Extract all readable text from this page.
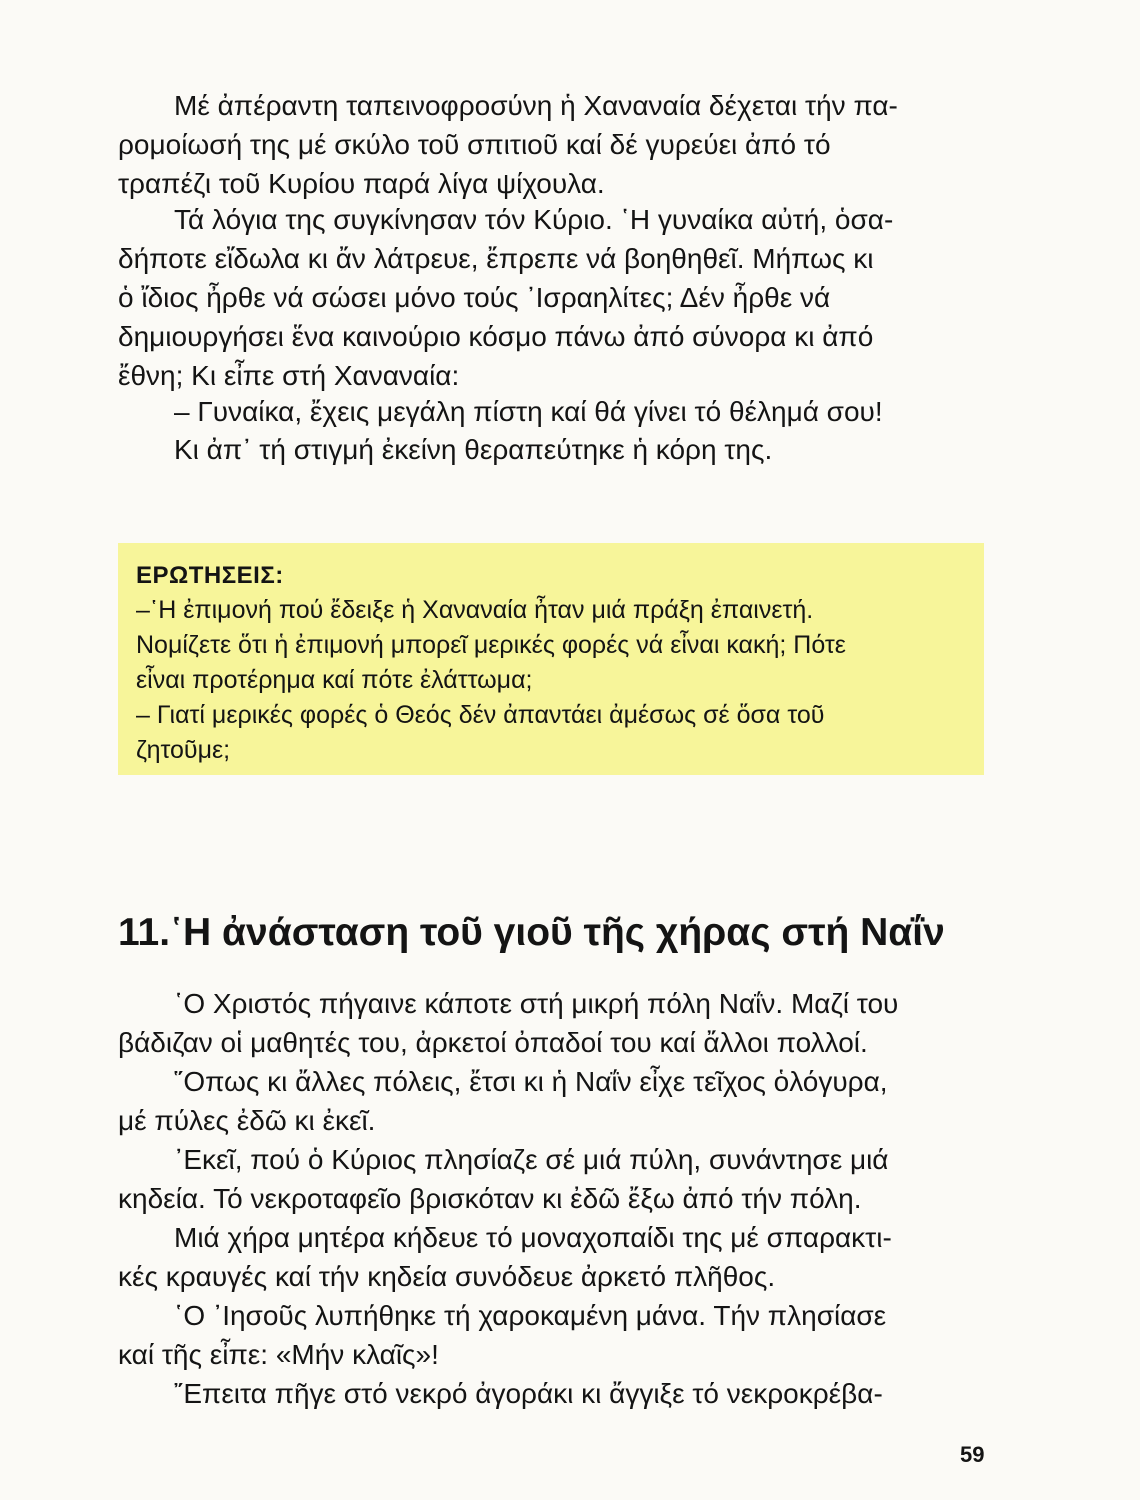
Μέ ἀπέραντη ταπεινοφροσύνη ἡ Χαναναία δέχεται τήν πα-
ρομοίωσή της μέ σκύλο τοῦ σπιτιοῦ καί δέ γυρεύει ἀπό τό
τραπέζι τοῦ Κυρίου παρά λίγα ψίχουλα.
Τά λόγια της συγκίνησαν τόν Κύριο. ῾Η γυναίκα αὐτή, ὁσα-
δήποτε εἴδωλα κι ἄν λάτρευε, ἔπρεπε νά βοηθηθεῖ. Μήπως κι
ὁ ἴδιος ἦρθε νά σώσει μόνο τούς ᾿Ισραηλίτες; Δέν ἦρθε νά
δημιουργήσει ἕνα καινούριο κόσμο πάνω ἀπό σύνορα κι ἀπό
ἔθνη; Κι εἶπε στή Χαναναία:
– Γυναίκα, ἔχεις μεγάλη πίστη καί θά γίνει τό θέλημά σου!
Κι ἀπ᾿ τή στιγμή ἐκείνη θεραπεύτηκε ἡ κόρη της.
ΕΡΩΤΗΣΕΙΣ:
–῾Η ἐπιμονή πού ἔδειξε ἡ Χαναναία ἦταν μιά πράξη ἐπαινετή.
Νομίζετε ὅτι ἡ ἐπιμονή μπορεῖ μερικές φορές νά εἶναι κακή; Πότε
εἶναι προτέρημα καί πότε ἐλάττωμα;
– Γιατί μερικές φορές ὁ Θεός δέν ἀπαντάει ἀμέσως σέ ὅσα τοῦ
ζητοῦμε;
11.῾Η ἀνάσταση τοῦ γιοῦ τῆς χήρας στή Ναΐν
῾Ο Χριστός πήγαινε κάποτε στή μικρή πόλη Ναΐν. Μαζί του
βάδιζαν οἱ μαθητές του, ἀρκετοί ὀπαδοί του καί ἄλλοι πολλοί.
῞Οπως κι ἄλλες πόλεις, ἔτσι κι ἡ Ναΐν εἶχε τεῖχος ὁλόγυρα,
μέ πύλες ἐδῶ κι ἐκεῖ.
᾿Εκεῖ, πού ὁ Κύριος πλησίαζε σέ μιά πύλη, συνάντησε μιά
κηδεία. Τό νεκροταφεῖο βρισκόταν κι ἐδῶ ἔξω ἀπό τήν πόλη.
Μιά χήρα μητέρα κήδευε τό μοναχοπαίδι της μέ σπαρακτι-
κές κραυγές καί τήν κηδεία συνόδευε ἀρκετό πλῆθος.
῾Ο ᾿Ιησοῦς λυπήθηκε τή χαροκαμένη μάνα. Τήν πλησίασε
καί τῆς εἶπε: «Μήν κλαῖς»!
῎Επειτα πῆγε στό νεκρό ἀγοράκι κι ἄγγιξε τό νεκροκρέβα-
59
